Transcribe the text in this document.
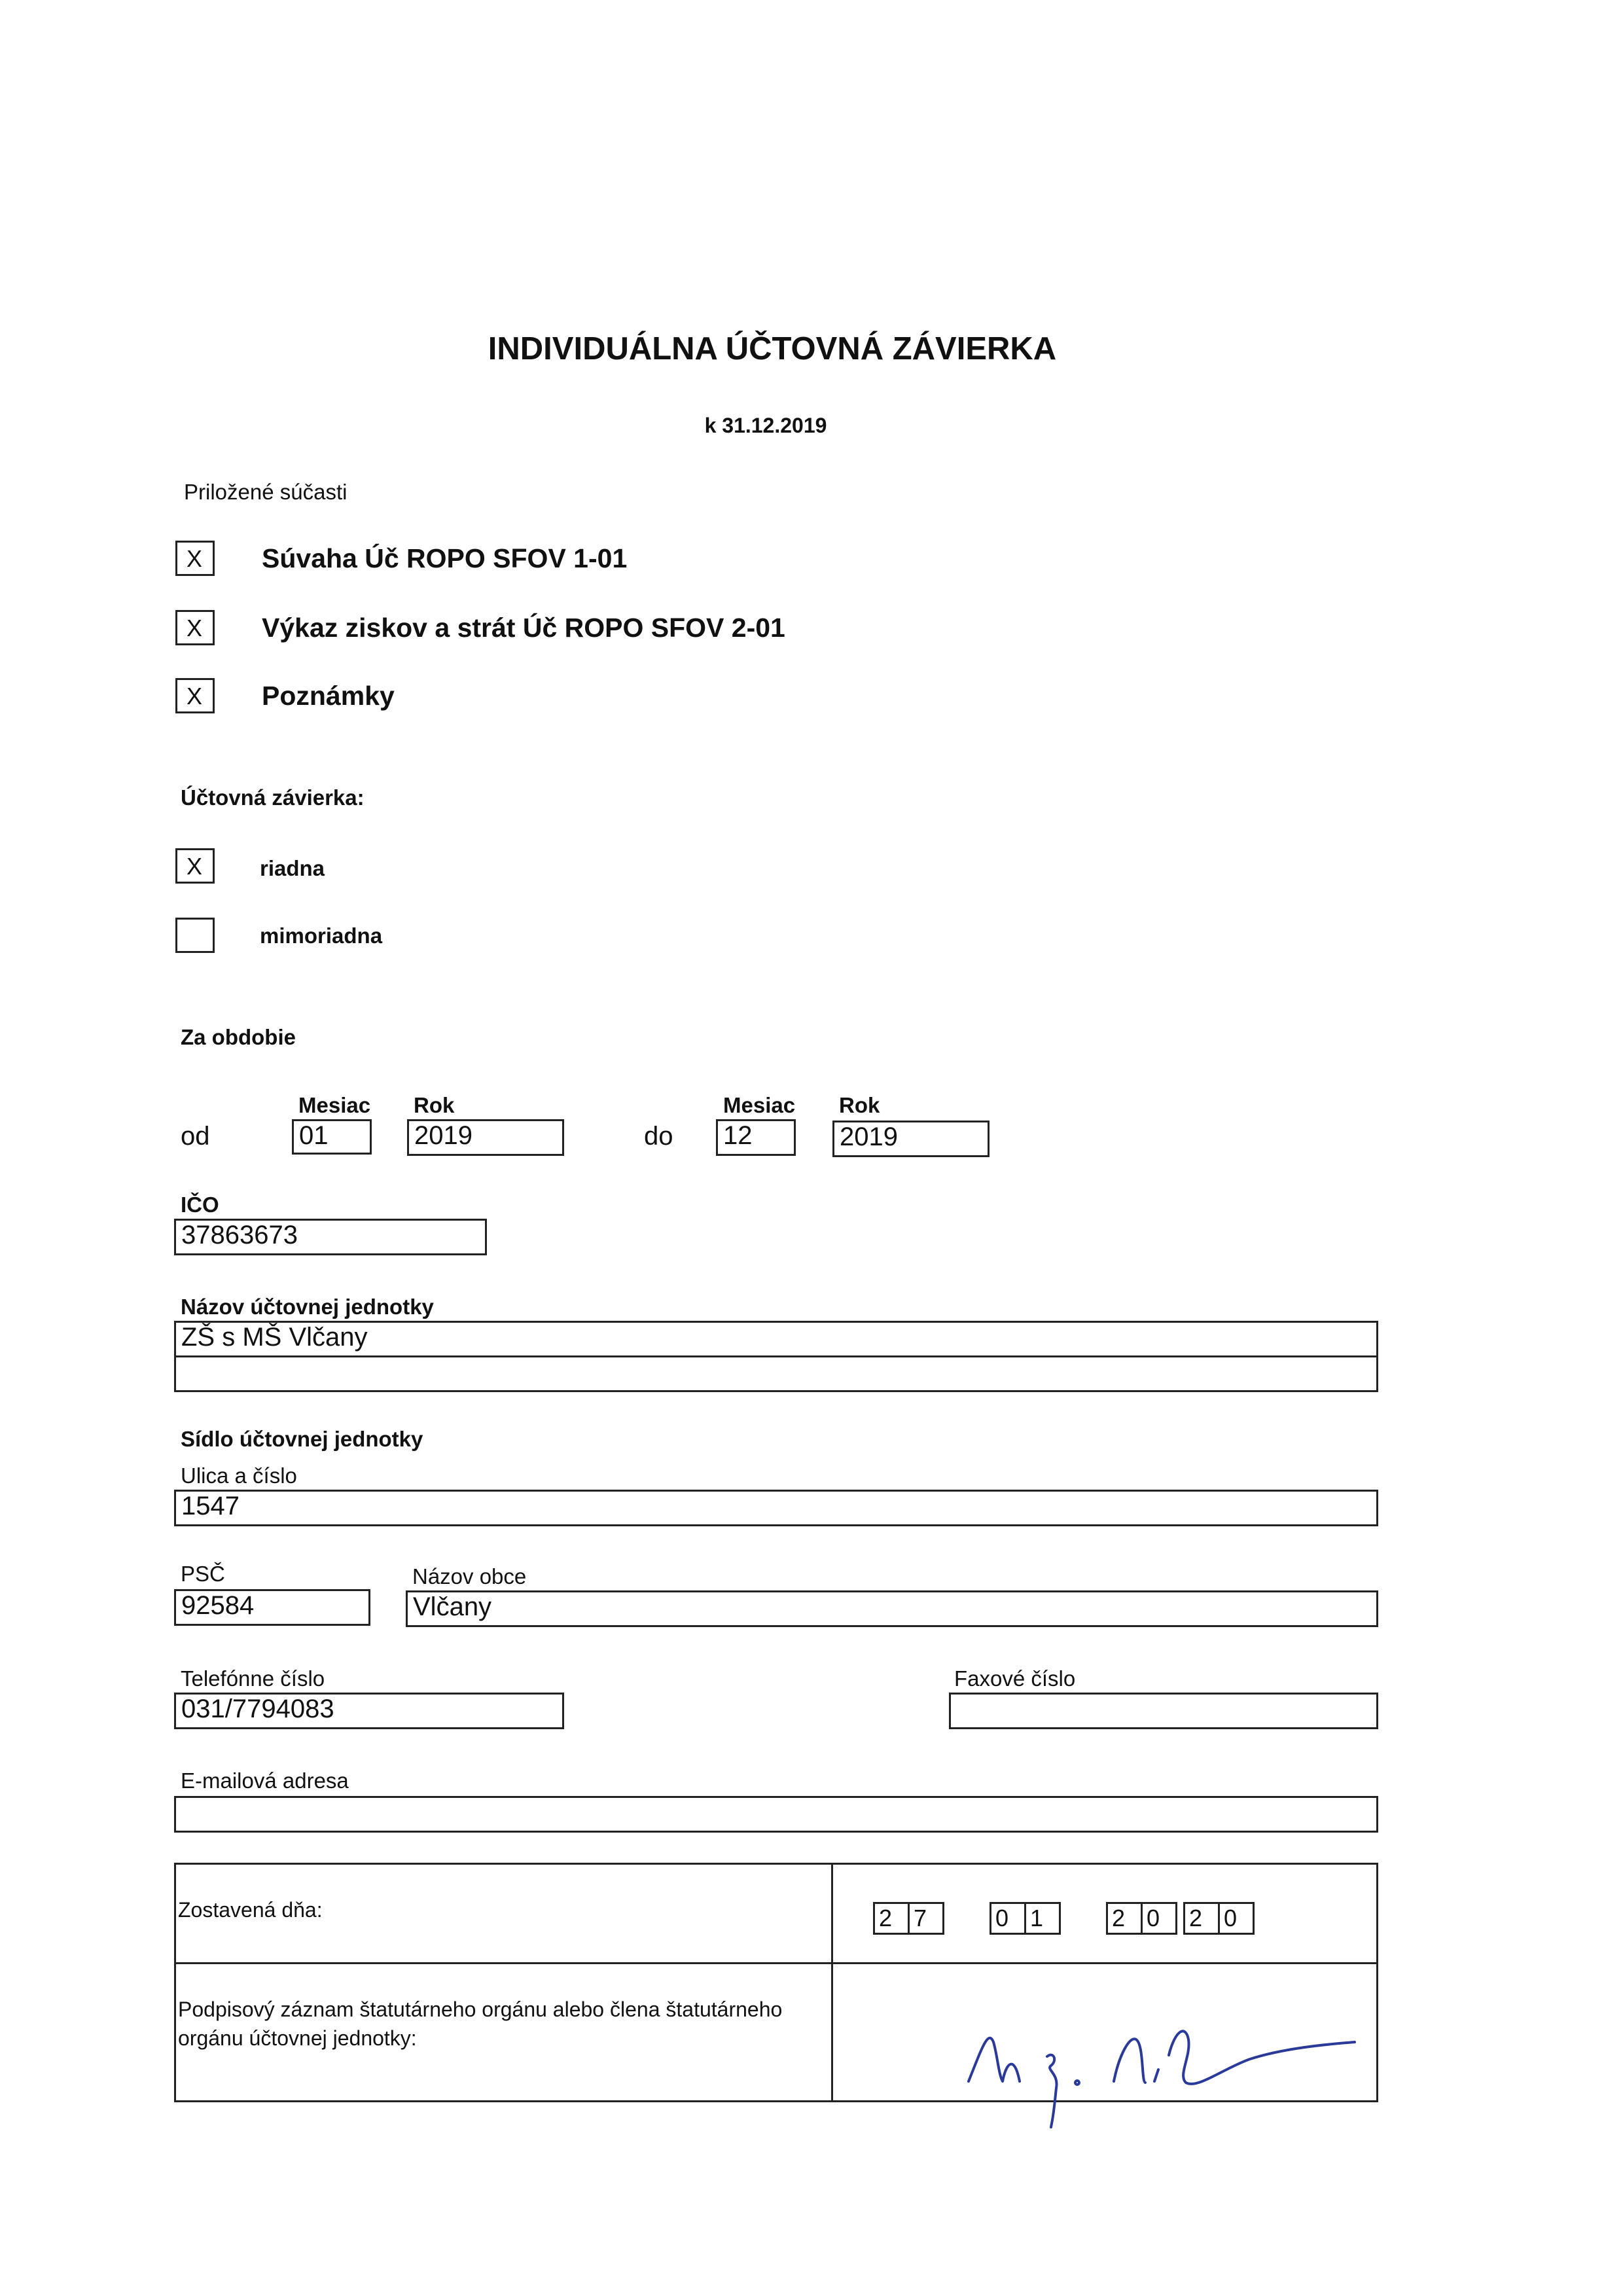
INDIVIDUÁLNA ÚČTOVNÁ ZÁVIERKA
k 31.12.2019
Priložené súčasti
X	Súvaha Úč ROPO SFOV 1-01
X	Výkaz ziskov a strát Úč ROPO SFOV 2-01
X	Poznámky
Účtovná závierka:
X	riadna
mimoriadna
Za obdobie
Mesiac Rok	Mesiac Rok
od	01	2019	do 12	2019
IČO
37863673
Názov účtovnej jednotky
ZŠ s MŠ Vlčany
Sídlo účtovnej jednotky
Ulica a číslo
1547
PSČ
92584
Názov obce
Vlčany
Telefónne číslo
031/7794083
Faxové číslo
E-mailová adresa
Zostavená dňa:	2 7	0 1	2 0	2 0
Podpisový záznam štatutárneho orgánu alebo člena štatutárneho
orgánu účtovnej jednotky:
